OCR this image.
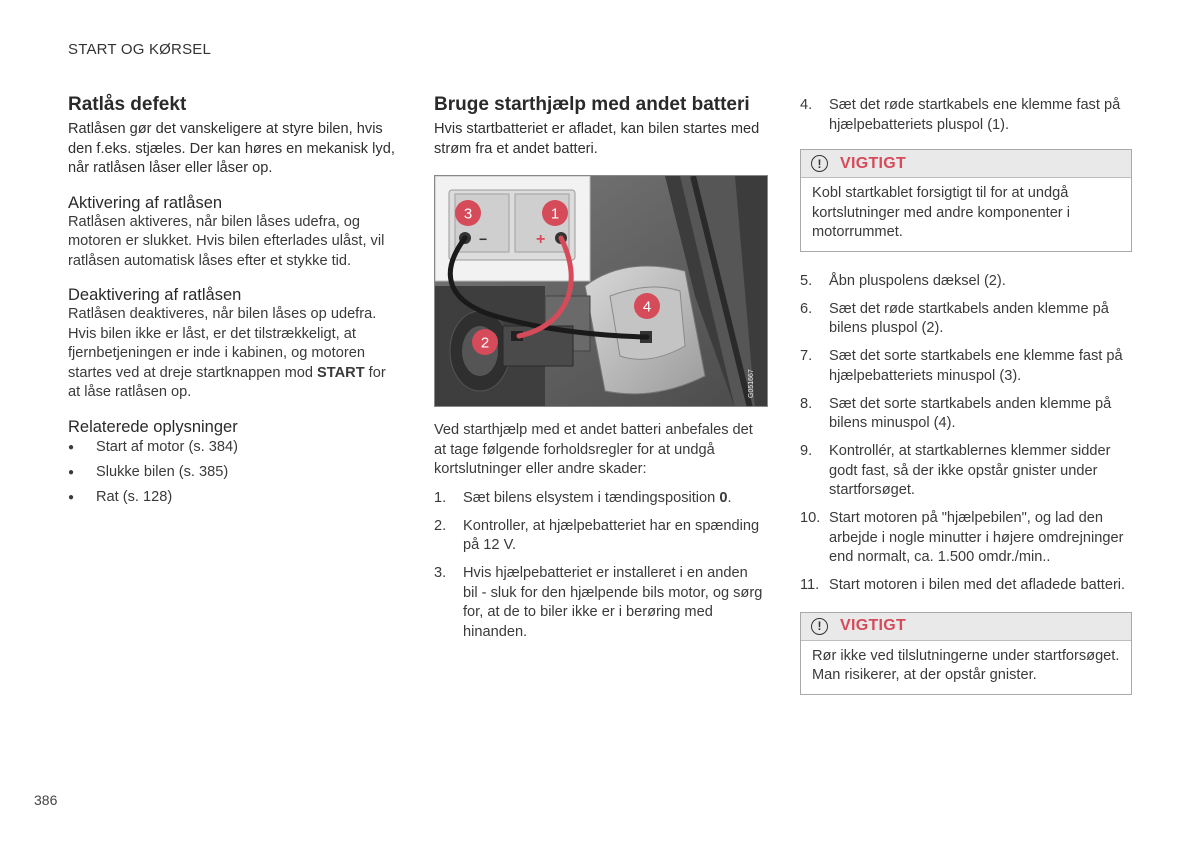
START OG KØRSEL
Ratlås defekt

Ratlåsen gør det vanskeligere at styre bilen, hvis den f.eks. stjæles. Der kan høres en mekanisk lyd, når ratlåsen låser eller låser op.

Aktivering af ratlåsen

Ratlåsen aktiveres, når bilen låses udefra, og motoren er slukket. Hvis bilen efterlades ulåst, vil ratlåsen automatisk låses efter et stykke tid.

Deaktivering af ratlåsen

Ratlåsen deaktiveres, når bilen låses op udefra. Hvis bilen ikke er låst, er det tilstrækkeligt, at fjernbetjeningen er inde i kabinen, og motoren startes ved at dreje startknappen mod START for at låse ratlåsen op.

Relaterede oplysninger
● Start af motor (s. 384)
● Slukke bilen (s. 385)
● Rat (s. 128)
Bruge starthjælp med andet batteri

Hvis startbatteriet er afladet, kan bilen startes med strøm fra et andet batteri.

−	+
1
2
3
4
G051667

Ved starthjælp med et andet batteri anbefales det at tage følgende forholdsregler for at undgå kortslutninger eller andre skader:

1. Sæt bilens elsystem i tændingsposition 0.
2. Kontroller, at hjælpebatteriet har en spænding på 12 V.
3. Hvis hjælpebatteriet er installeret i en anden bil - sluk for den hjælpende bils motor, og sørg for, at de to biler ikke er i berøring med hinanden.
4. Sæt det røde startkabels ene klemme fast på hjælpebatteriets pluspol (1).
!	VIGTIGT
Kobl startkablet forsigtigt til for at undgå kortslutninger med andre komponenter i motorrummet.
5. Åbn pluspolens dæksel (2).
6. Sæt det røde startkabels anden klemme på bilens pluspol (2).
7. Sæt det sorte startkabels ene klemme fast på hjælpebatteriets minuspol (3).
8. Sæt det sorte startkabels anden klemme på bilens minuspol (4).
9. Kontrollér, at startkablernes klemmer sidder godt fast, så der ikke opstår gnister under startforsøget.
10. Start motoren på "hjælpebilen", og lad den arbejde i nogle minutter i højere omdrejninger end normalt, ca. 1.500 omdr./min..
11. Start motoren i bilen med det afladede batteri.
!	VIGTIGT
Rør ikke ved tilslutningerne under startforsøget. Man risikerer, at der opstår gnister.
386
